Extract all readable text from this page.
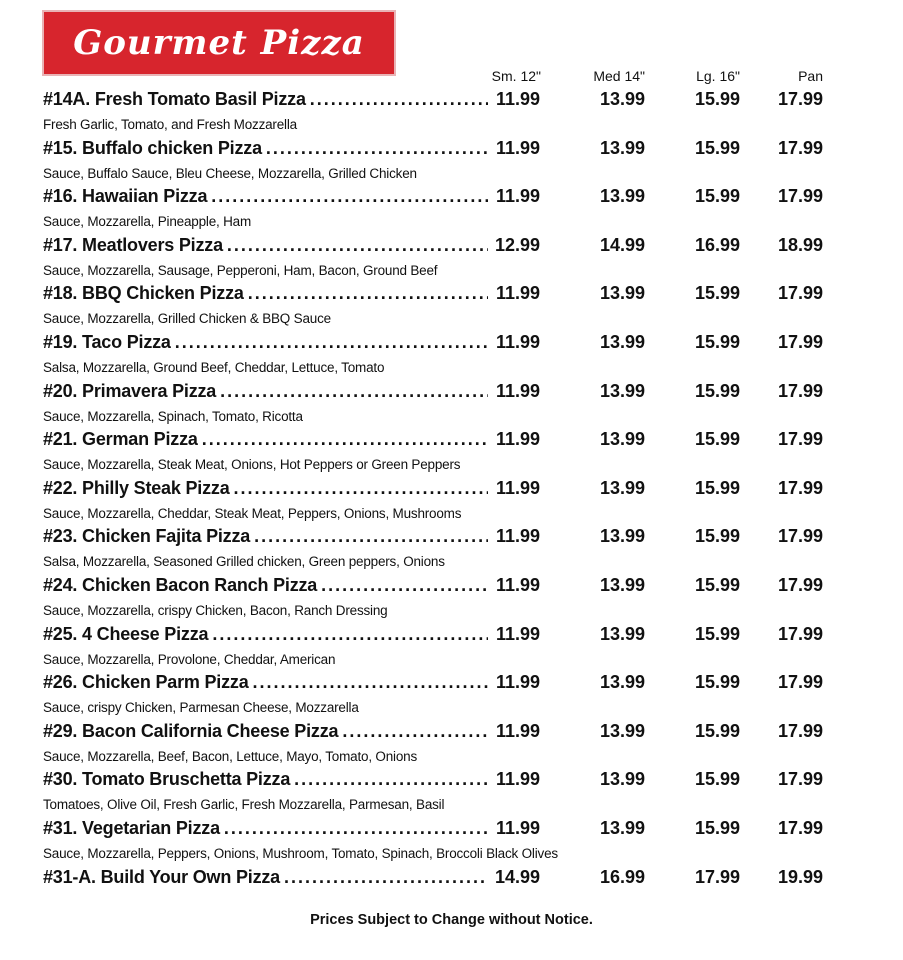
Gourmet Pizza
Sm. 12"	Med 14"	Lg. 16"	Pan
#14A. Fresh Tomato Basil Pizza .....	11.99	13.99	15.99 17.99
Fresh Garlic, Tomato, and Fresh Mozzarella
#15. Buffalo chicken Pizza .....	11.99	13.99	15.99 17.99
Sauce, Buffalo Sauce, Bleu Cheese, Mozzarella, Grilled Chicken
#16. Hawaiian Pizza .....	11.99	13.99	15.99 17.99
Sauce, Mozzarella, Pineapple, Ham
#17. Meatlovers Pizza .....	12.99	14.99	16.99 18.99
Sauce, Mozzarella, Sausage, Pepperoni, Ham, Bacon, Ground Beef
#18. BBQ Chicken Pizza .....	11.99	13.99	15.99 17.99
Sauce, Mozzarella, Grilled Chicken & BBQ Sauce
#19. Taco Pizza .....	11.99	13.99	15.99 17.99
Salsa, Mozzarella, Ground Beef, Cheddar, Lettuce, Tomato
#20. Primavera Pizza .....	11.99	13.99	15.99 17.99
Sauce, Mozzarella, Spinach, Tomato, Ricotta
#21. German Pizza .....	11.99	13.99	15.99 17.99
Sauce, Mozzarella, Steak Meat, Onions, Hot Peppers or Green Peppers
#22. Philly Steak Pizza .....	11.99	13.99	15.99 17.99
Sauce, Mozzarella, Cheddar, Steak Meat, Peppers, Onions, Mushrooms
#23. Chicken Fajita Pizza .....	11.99	13.99	15.99 17.99
Salsa, Mozzarella, Seasoned Grilled chicken, Green peppers, Onions
#24. Chicken Bacon Ranch Pizza .....	11.99	13.99	15.99 17.99
Sauce, Mozzarella, crispy Chicken, Bacon, Ranch Dressing
#25. 4 Cheese Pizza .....	11.99	13.99	15.99 17.99
Sauce, Mozzarella, Provolone, Cheddar, American
#26. Chicken Parm Pizza .....	11.99	13.99	15.99 17.99
Sauce, crispy Chicken, Parmesan Cheese, Mozzarella
#29. Bacon California Cheese Pizza .....	11.99	13.99	15.99 17.99
Sauce, Mozzarella, Beef, Bacon, Lettuce, Mayo, Tomato, Onions
#30. Tomato Bruschetta Pizza .....	11.99	13.99	15.99 17.99
Tomatoes, Olive Oil, Fresh Garlic, Fresh Mozzarella, Parmesan, Basil
#31. Vegetarian Pizza .....	11.99	13.99	15.99 17.99
Sauce, Mozzarella, Peppers, Onions, Mushroom, Tomato, Spinach, Broccoli Black Olives
#31-A. Build Your Own Pizza .....	14.99	16.99	17.99 19.99
Prices Subject to Change without Notice.
